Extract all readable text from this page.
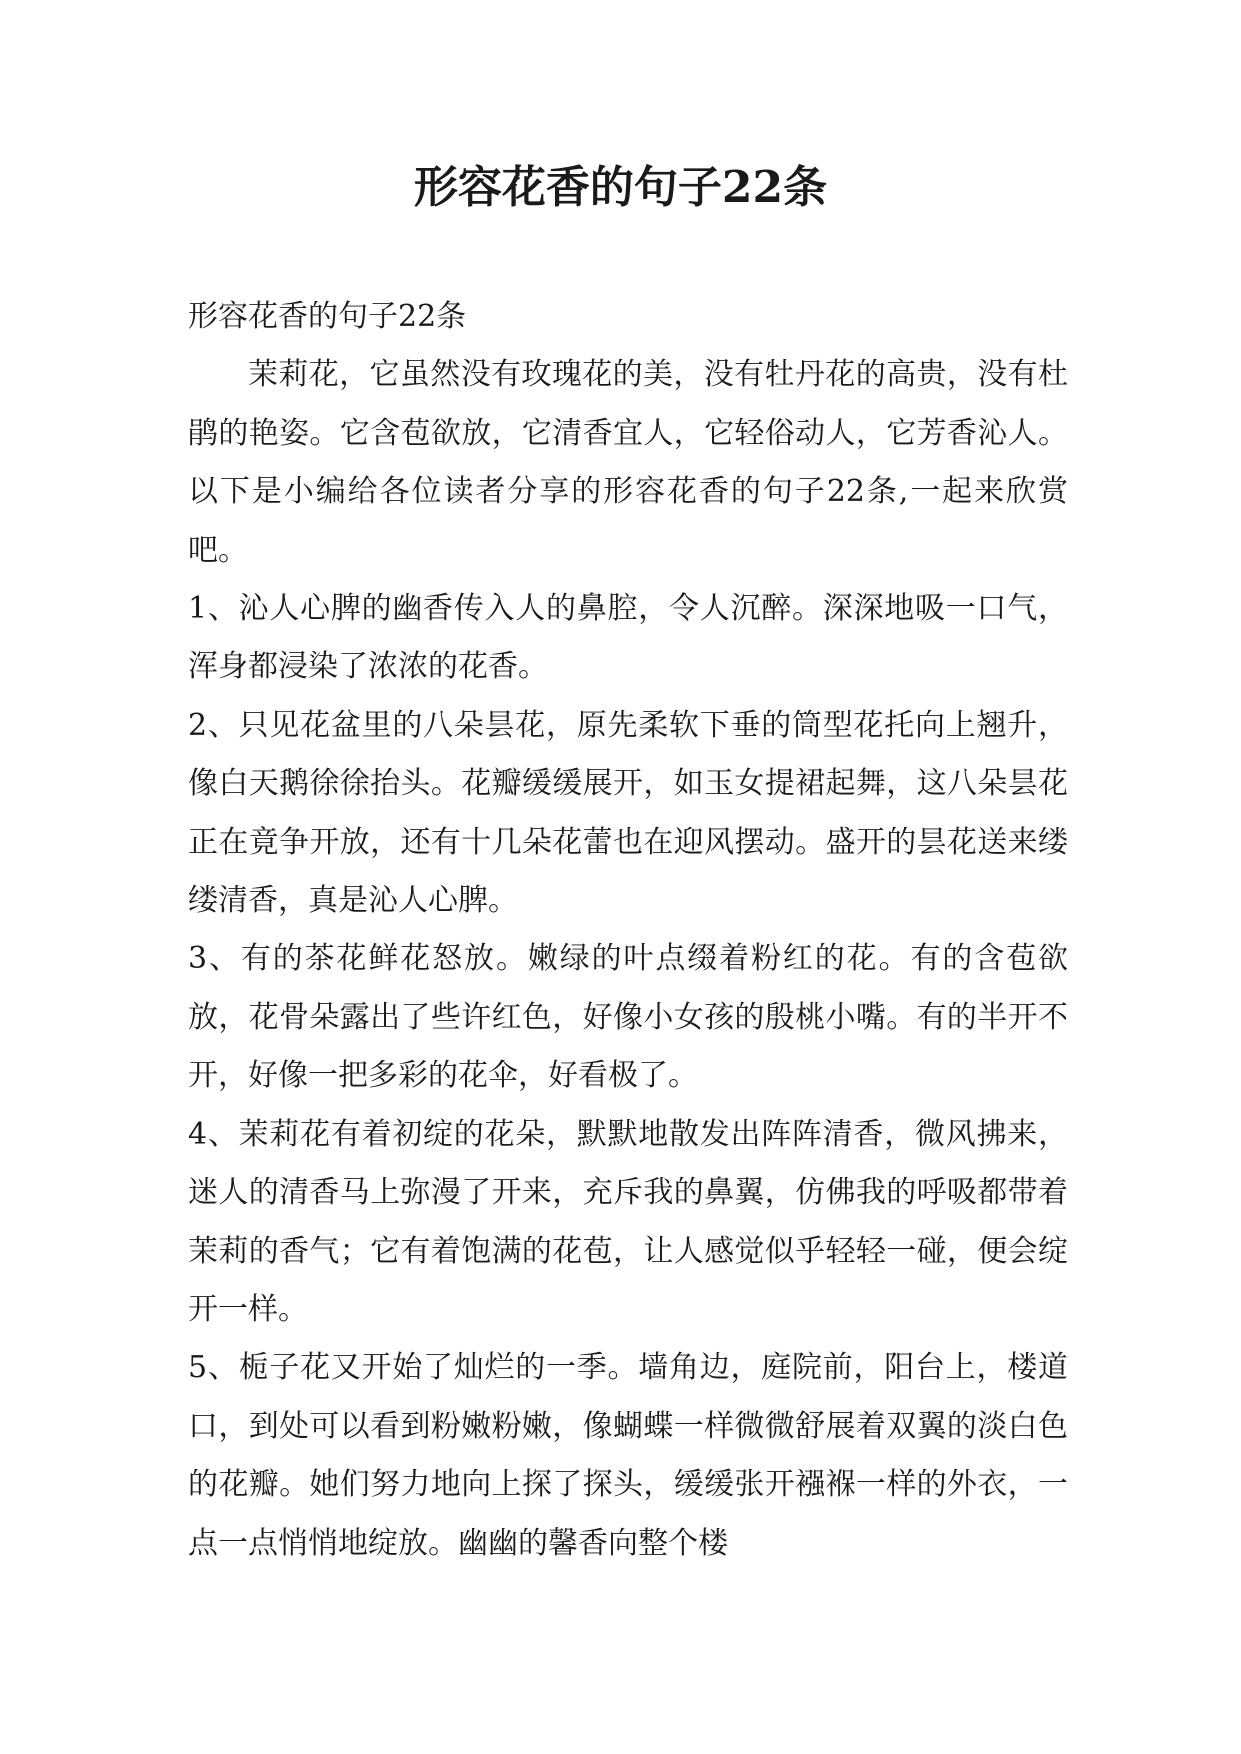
形容花香的句子22条

形容花香的句子22条

茉莉花，它虽然没有玫瑰花的美，没有牡丹花的高贵，没有杜鹃的艳姿。它含苞欲放，它清香宜人，它轻俗动人，它芳香沁人。以下是小编给各位读者分享的形容花香的句子22条,一起来欣赏吧。

1、沁人心脾的幽香传入人的鼻腔，令人沉醉。深深地吸一口气，浑身都浸染了浓浓的花香。

2、只见花盆里的八朵昙花，原先柔软下垂的筒型花托向上翘升，像白天鹅徐徐抬头。花瓣缓缓展开，如玉女提裙起舞，这八朵昙花正在竟争开放，还有十几朵花蕾也在迎风摆动。盛开的昙花送来缕缕清香，真是沁人心脾。

3、有的茶花鲜花怒放。嫩绿的叶点缀着粉红的花。有的含苞欲放，花骨朵露出了些许红色，好像小女孩的殷桃小嘴。有的半开不开，好像一把多彩的花伞，好看极了。

4、茉莉花有着初绽的花朵，默默地散发出阵阵清香，微风拂来，迷人的清香马上弥漫了开来，充斥我的鼻翼，仿佛我的呼吸都带着茉莉的香气；它有着饱满的花苞，让人感觉似乎轻轻一碰，便会绽开一样。

5、栀子花又开始了灿烂的一季。墙角边，庭院前，阳台上，楼道口，到处可以看到粉嫩粉嫩，像蝴蝶一样微微舒展着双翼的淡白色的花瓣。她们努力地向上探了探头，缓缓张开襁褓一样的外衣，一点一点悄悄地绽放。幽幽的馨香向整个楼
